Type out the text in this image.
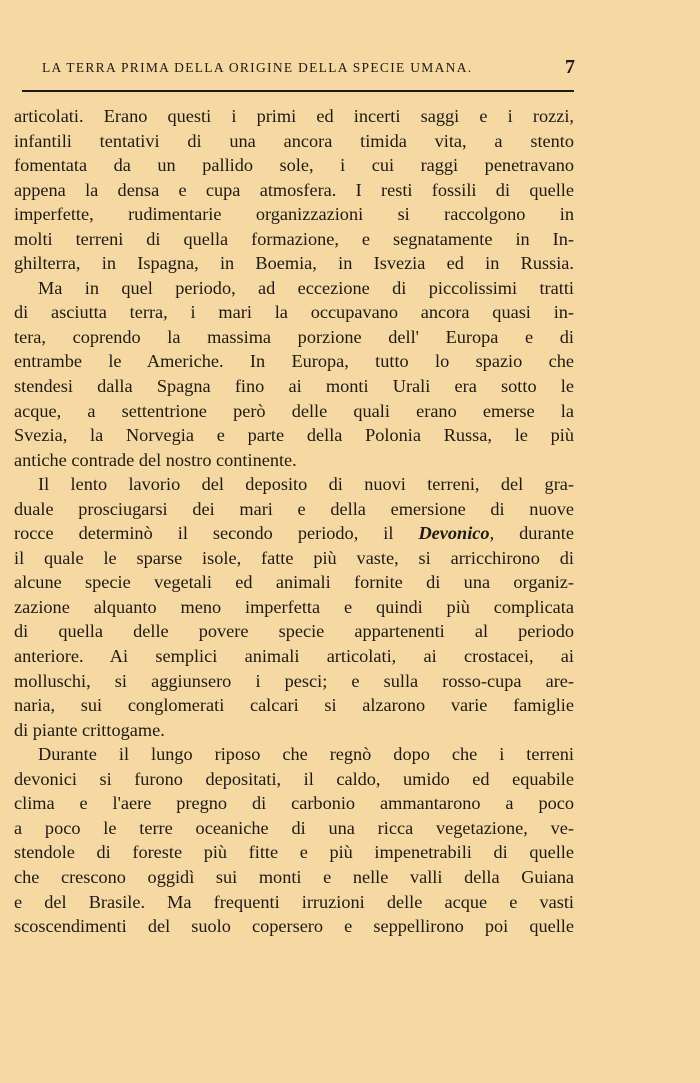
LA TERRA PRIMA DELLA ORIGINE DELLA SPECIE UMANA.	7
articolati. Erano questi i primi ed incerti saggi e i rozzi,
infantili tentativi di una ancora timida vita, a stento
fomentata da un pallido sole, i cui raggi penetravano
appena la densa e cupa atmosfera. I resti fossili di quelle
imperfette, rudimentarie organizzazioni si raccolgono in
molti terreni di quella formazione, e segnatamente in In-
ghilterra, in Ispagna, in Boemia, in Isvezia ed in Russia.
Ma in quel periodo, ad eccezione di piccolissimi tratti
di asciutta terra, i mari la occupavano ancora quasi in-
tera, coprendo la massima porzione dell' Europa e di
entrambe le Americhe. In Europa, tutto lo spazio che
stendesi dalla Spagna fino ai monti Urali era sotto le
acque, a settentrione però delle quali erano emerse la
Svezia, la Norvegia e parte della Polonia Russa, le più
antiche contrade del nostro continente.
Il lento lavorio del deposito di nuovi terreni, del gra-
duale prosciugarsi dei mari e della emersione di nuove
rocce determinò il secondo periodo, il Devonico, durante
il quale le sparse isole, fatte più vaste, si arricchirono di
alcune specie vegetali ed animali fornite di una organiz-
zazione alquanto meno imperfetta e quindi più complicata
di quella delle povere specie appartenenti al periodo
anteriore. Ai semplici animali articolati, ai crostacei, ai
molluschi, si aggiunsero i pesci; e sulla rosso-cupa are-
naria, sui conglomerati calcari si alzarono varie famiglie
di piante crittogame.
Durante il lungo riposo che regnò dopo che i terreni
devonici si furono depositati, il caldo, umido ed equabile
clima e l'aere pregno di carbonio ammantarono a poco
a poco le terre oceaniche di una ricca vegetazione, ve-
stendole di foreste più fitte e più impenetrabili di quelle
che crescono oggidì sui monti e nelle valli della Guiana
e del Brasile. Ma frequenti irruzioni delle acque e vasti
scoscendimenti del suolo copersero e seppellirono poi quelle
